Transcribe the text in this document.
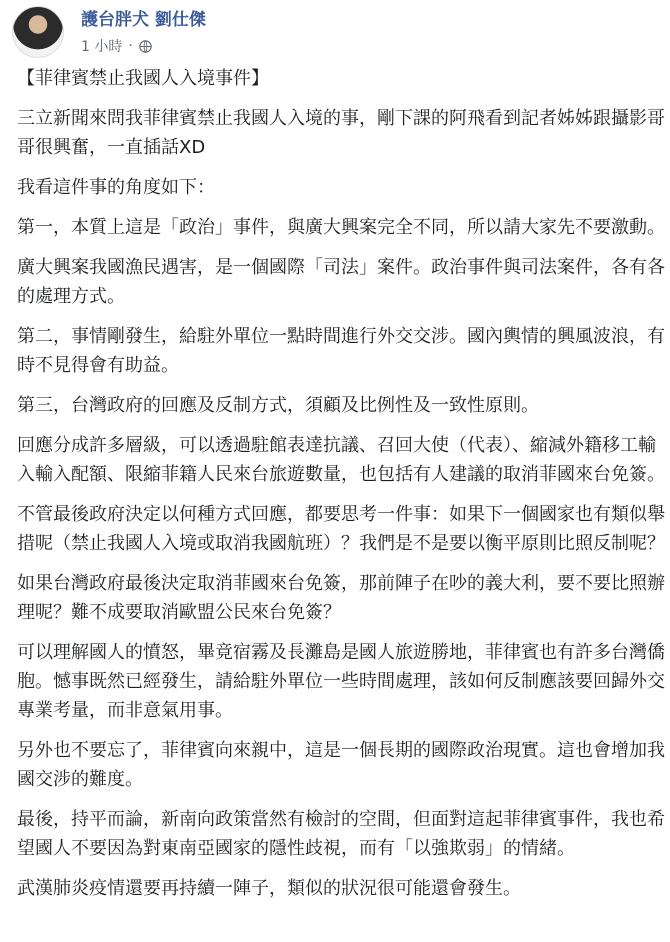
護台胖犬 劉仕傑
1 小時 ·

【菲律賓禁止我國人入境事件】

三立新聞來問我菲律賓禁止我國人入境的事，剛下課的阿飛看到記者姊姊跟攝影哥哥很興奮，一直插話XD

我看這件事的角度如下：

第一，本質上這是「政治」事件，與廣大興案完全不同，所以請大家先不要激動。

廣大興案我國漁民遇害，是一個國際「司法」案件。政治事件與司法案件，各有各的處理方式。

第二，事情剛發生，給駐外單位一點時間進行外交交涉。國內輿情的興風波浪，有時不見得會有助益。

第三，台灣政府的回應及反制方式，須顧及比例性及一致性原則。

回應分成許多層級，可以透過駐館表達抗議、召回大使（代表）、縮減外籍移工輸入輸入配額、限縮菲籍人民來台旅遊數量，也包括有人建議的取消菲國來台免簽。

不管最後政府決定以何種方式回應，都要思考一件事：如果下一個國家也有類似舉措呢（禁止我國人入境或取消我國航班）？我們是不是要以衡平原則比照反制呢？

如果台灣政府最後決定取消菲國來台免簽，那前陣子在吵的義大利，要不要比照辦理呢？難不成要取消歐盟公民來台免簽？

可以理解國人的憤怒，畢竟宿霧及長灘島是國人旅遊勝地，菲律賓也有許多台灣僑胞。憾事既然已經發生，請給駐外單位一些時間處理，該如何反制應該要回歸外交專業考量，而非意氣用事。

另外也不要忘了，菲律賓向來親中，這是一個長期的國際政治現實。這也會增加我國交涉的難度。

最後，持平而論，新南向政策當然有檢討的空間，但面對這起菲律賓事件，我也希望國人不要因為對東南亞國家的隱性歧視，而有「以強欺弱」的情緒。

武漢肺炎疫情還要再持續一陣子，類似的狀況很可能還會發生。
